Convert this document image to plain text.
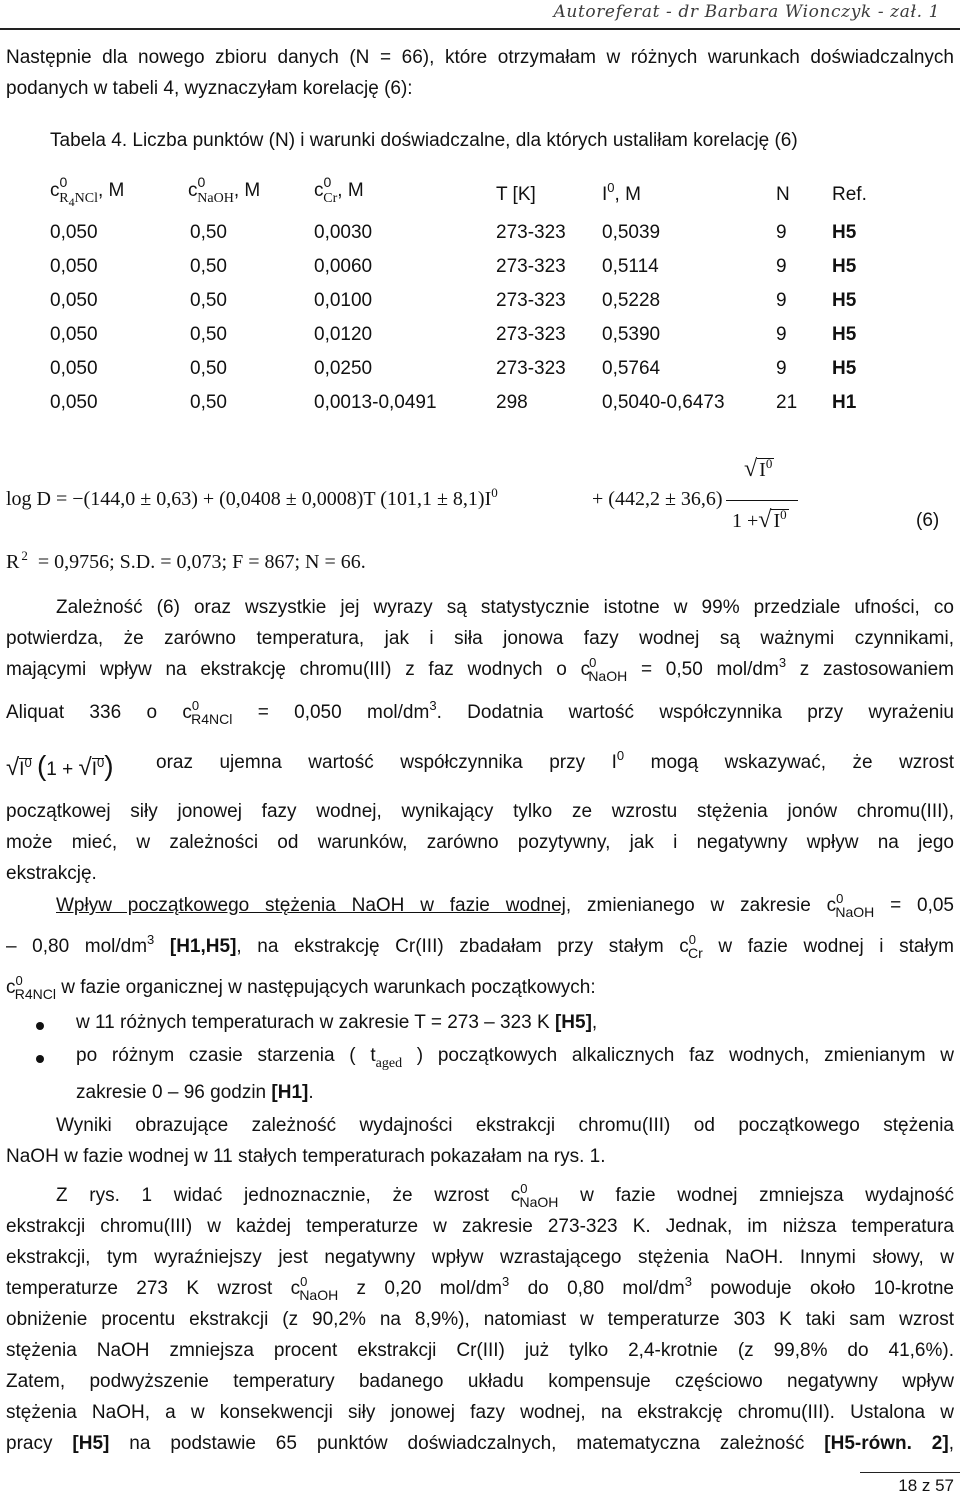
Autoreferat - dr Barbara Wionczyk - zał. 1
Następnie dla nowego zbioru danych (N = 66), które otrzymałam w różnych warunkach doświadczalnych podanych w tabeli 4, wyznaczyłam korelację (6):
Tabela 4. Liczba punktów (N) i warunki doświadczalne, dla których ustaliłam korelację (6)
$c^0_{R4NCl}$, M	$c^0_{NaOH}$, M	$c^0_{Cr}$, M	T [K]	$I^0$, M	N Ref.
0,050	0,50	0,0030	273-323 0,5039	9 H5
0,050	0,50	0,0060	273-323 0,5114	9 H5
0,050	0,50	0,0100	273-323 0,5228	9 H5
0,050	0,50	0,0120	273-323 0,5390	9 H5
0,050	0,50	0,0250	273-323 0,5764	9 H5
0,050	0,50	0,0013-0,0491	298	0,5040-0,6473	21 H1
log D = −(144,0 ± 0,63) + (0,0408 ± 0,0008)T $(101,1 \pm 8,1)I^0$	+ (442,2 ± 36,6)
√ $I^0$
1 +√ $I^0$	(6)
R $^2$ = 0,9756; S.D. = 0,073; F = 867; N = 66.
Zależność (6) oraz wszystkie jej wyrazy są statystycznie istotne w 99% przedziale ufności, co
potwierdza, że zarówno temperatura, jak i siła jonowa fazy wodnej są ważnymi czynnikami,
mającymi wpływ na ekstrakcję chromu(III) z faz wodnych o $c^0_{NaOH} = 0,50$ mol/$dm^3$ z zastosowaniem
Aliquat 336 o $c^0_{R4NCl} = 0,050$ mol/$dm^3$. Dodatnia wartość współczynnika przy wyrażeniu
$√I^0$ $(1 + √I^0)$ oraz ujemna wartość współczynnika przy $I^0$ mogą wskazywać, że wzrost
początkowej siły jonowej fazy wodnej, wynikający tylko ze wzrostu stężenia jonów chromu(III),
może mieć, w zależności od warunków, zarówno pozytywny, jak i negatywny wpływ na jego
ekstrakcję.
Wpływ początkowego stężenia NaOH w fazie wodnej, zmienianego w zakresie $c^0_{NaOH} = 0,05$
– 0,80 mol/$dm^3$ [H1,H5], na ekstrakcję Cr(III) zbadałam przy stałym $c^0_{Cr}$ w fazie wodnej i stałym
$c^0_{R4NCl}$ w fazie organicznej w następujących warunkach początkowych:
w 11 różnych temperaturach w zakresie T = 273 – 323 K [H5],
po różnym czasie starzenia ( $t_{aged}$ ) początkowych alkalicznych faz wodnych, zmienianym w
zakresie 0 – 96 godzin [H1].
Wyniki obrazujące zależność wydajności ekstrakcji chromu(III) od początkowego stężenia
NaOH w fazie wodnej w 11 stałych temperaturach pokazałam na rys. 1.
Z rys. 1 widać jednoznacznie, że wzrost $c^0_{NaOH}$ w fazie wodnej zmniejsza wydajność
ekstrakcji chromu(III) w każdej temperaturze w zakresie 273-323 K. Jednak, im niższa temperatura
ekstrakcji, tym wyraźniejszy jest negatywny wpływ wzrastającego stężenia NaOH. Innymi słowy, w
temperaturze 273 K wzrost $c^0_{NaOH}$ z 0,20 mol/$dm^3$ do 0,80 mol/$dm^3$ powoduje około 10-krotne
obniżenie procentu ekstrakcji (z 90,2% na 8,9%), natomiast w temperaturze 303 K taki sam wzrost
stężenia NaOH zmniejsza procent ekstrakcji Cr(III) już tylko 2,4-krotnie (z 99,8% do 41,6%).
Zatem, podwyższenie temperatury badanego układu kompensuje częściowo negatywny wpływ
stężenia NaOH, a w konsekwencji siły jonowej fazy wodnej, na ekstrakcję chromu(III). Ustalona w
pracy [H5] na podstawie 65 punktów doświadczalnych, matematyczna zależność [H5-równ. 2],
18 z 57
